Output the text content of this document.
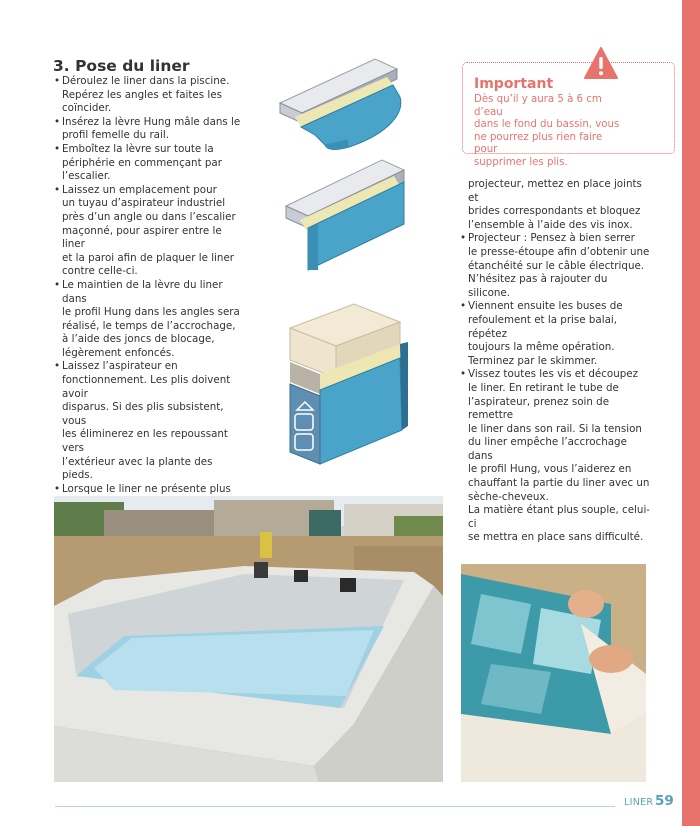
3. Pose du liner
• Déroulez le liner dans la piscine.
Repérez les angles et faites les
coïncider.
• Insérez la lèvre Hung mâle dans le
profil femelle du rail.
• Emboîtez la lèvre sur toute la
périphérie en commençant par
l’escalier.
• Laissez un emplacement pour
un tuyau d’aspirateur industriel
près d’un angle ou dans l’escalier
maçonné, pour aspirer entre le liner
et la paroi afin de plaquer le liner
contre celle-ci.
• Le maintien de la lèvre du liner dans
le profil Hung dans les angles sera
réalisé, le temps de l’accrochage,
à l’aide des joncs de blocage,
légèrement enfoncés.
• Laissez l’aspirateur en
fonctionnement. Les plis doivent avoir
disparus. Si des plis subsistent, vous
les éliminerez en les repoussant vers
l’extérieur avec la plante des pieds.
• Lorsque le liner ne présente plus
•
Important
Dès qu’il y aura 5 à 6 cm d’eau
dans le fond du bassin, vous
ne pourrez plus rien faire pour
supprimer les plis.
projecteur, mettez en place joints et
brides correspondants et bloquez
l’ensemble à l’aide des vis inox.
• Projecteur : Pensez à bien serrer
le presse-étoupe afin d’obtenir une
étanchéité sur le câble électrique.
N’hésitez pas à rajouter du silicone.
• Viennent ensuite les buses de
refoulement et la prise balai, répétez
toujours la même opération.
Terminez par le skimmer.
• Vissez toutes les vis et découpez
le liner. En retirant le tube de
l’aspirateur, prenez soin de remettre
le liner dans son rail. Si la tension
du liner empêche l’accrochage dans
le profil Hung, vous l’aiderez en
chauffant la partie du liner avec un
sèche-cheveux.
La matière étant plus souple, celui-ci
se mettra en place sans difficulté.
LINER 59
